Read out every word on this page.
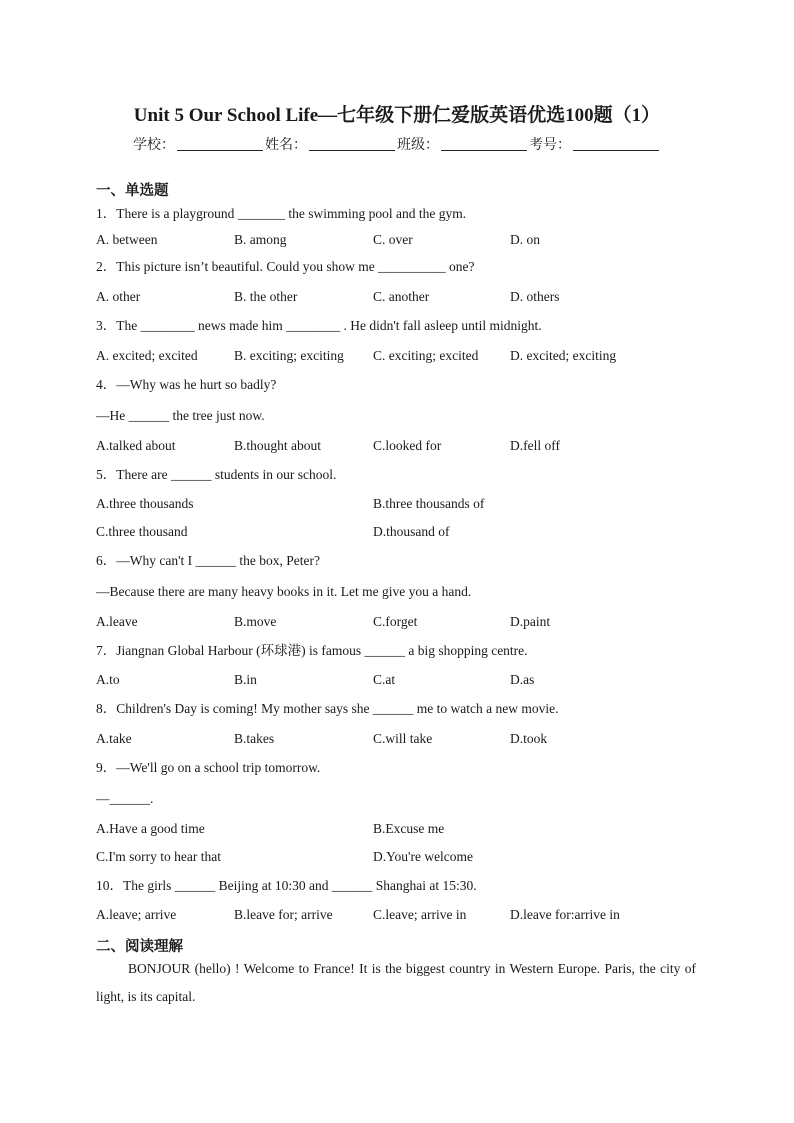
Unit 5 Our School Life—七年级下册仁爱版英语优选100题（1）
学校：	姓名：	班级：	考号：
一、单选题
1．There is a playground _______ the swimming pool and the gym.
A. between	B. among	C. over	D. on
2．This picture isn’t beautiful. Could you show me __________ one?
A. other	B. the other	C. another	D. others
3．The ________ news made him ________ . He didn't fall asleep until midnight.
A. excited; excited	B. exciting; exciting C. exciting; excited D. excited; exciting
4．—Why was he hurt so badly?
—He ______ the tree just now.
A.talked about	B.thought about	C.looked for	D.fell off
5．There are ______ students in our school.
A.three thousands	B.three thousands of
C.three thousand	D.thousand of
6．—Why can't I ______ the box, Peter?
—Because there are many heavy books in it. Let me give you a hand.
A.leave	B.move	C.forget	D.paint
7．Jiangnan Global Harbour (环球港) is famous ______ a big shopping centre.
A.to	B.in	C.at	D.as
8．Children's Day is coming! My mother says she ______ me to watch a new movie.
A.take	B.takes	C.will take	D.took
9．—We'll go on a school trip tomorrow.
—______.
A.Have a good time	B.Excuse me
C.I'm sorry to hear that	D.You're welcome
10．The girls ______ Beijing at 10:30 and ______ Shanghai at 15:30.
A.leave; arrive	B.leave for; arrive	C.leave; arrive in	D.leave for:arrive in
二、阅读理解
BONJOUR (hello) ! Welcome to France! It is the biggest country in Western Europe. Paris, the city of light, is its capital.
